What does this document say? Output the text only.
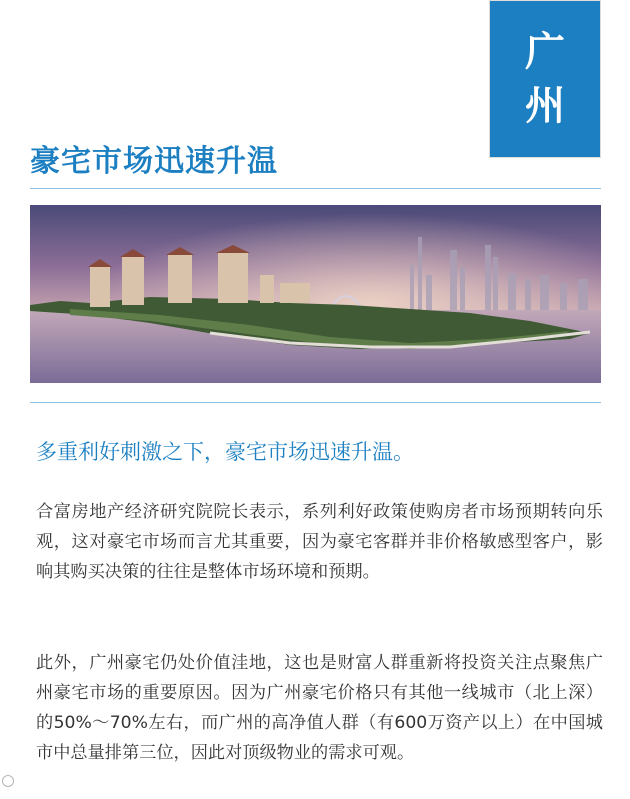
广
州
豪宅市场迅速升温
多重利好刺激之下，豪宅市场迅速升温。

合富房地产经济研究院院长表示，系列利好政策使购房者市场预期转向乐观，这对豪宅市场而言尤其重要，因为豪宅客群并非价格敏感型客户，影响其购买决策的往往是整体市场环境和预期。

此外，广州豪宅仍处价值洼地，这也是财富人群重新将投资关注点聚焦广州豪宅市场的重要原因。因为广州豪宅价格只有其他一线城市（北上深）的50%～70%左右，而广州的高净值人群（有600万资产以上）在中国城市中总量排第三位，因此对顶级物业的需求可观。
